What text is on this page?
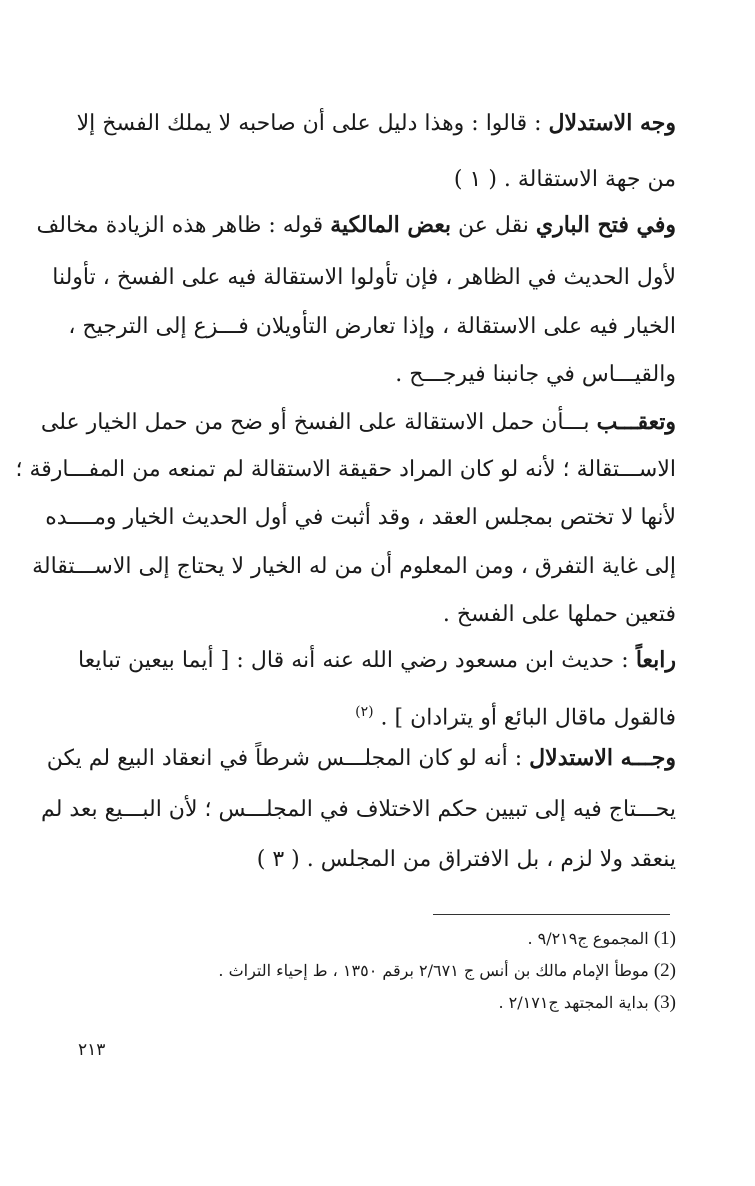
وجه الاستدلال : قالوا : وهذا دليل على أن صاحبه لا يملك الفسخ إلا
من جهة الاستقالة . ( ١ )
وفي فتح الباري نقل عن بعض المالكية قوله : ظاهر هذه الزيادة مخالف
لأول الحديث في الظاهر ، فإن تأولوا الاستقالة فيه على الفسخ ، تأولنا
الخيار فيه على الاستقالة ، وإذا تعارض التأويلان فـــزع إلى الترجيح ،
والقيـــاس في جانبنا فيرجـــح .
وتعقـــب بـــأن حمل الاستقالة على الفسخ أو ضح من حمل الخيار على
الاســـتقالة ؛ لأنه لو كان المراد حقيقة الاستقالة لم تمنعه من المفـــارقة ؛
لأنها لا تختص بمجلس العقد ، وقد أثبت في أول الحديث الخيار ومــــده
إلى غاية التفرق ، ومن المعلوم أن من له الخيار لا يحتاج إلى الاســـتقالة
فتعين حملها على الفسخ .
رابعاً : حديث ابن مسعود رضي الله عنه أنه قال : [ أيما بيعين تبايعا
فالقول ماقال البائع أو يترادان ] . $^{(٢)}$
وجـــه الاستدلال : أنه لو كان المجلـــس شرطاً في انعقاد البيع لم يكن
يحـــتاج فيه إلى تبيين حكم الاختلاف في المجلـــس ؛ لأن البـــيع بعد لم
ينعقد ولا لزم ، بل الافتراق من المجلس . ( ٣ )
(1) المجموع ج٩/٢١٩ .
(2) موطأ الإمام مالك بن أنس ج ٢/٦٧١ برقم ١٣٥٠ ، ط إحياء التراث .
(3) بداية المجتهد ج٢/١٧١ .
٢١٣
